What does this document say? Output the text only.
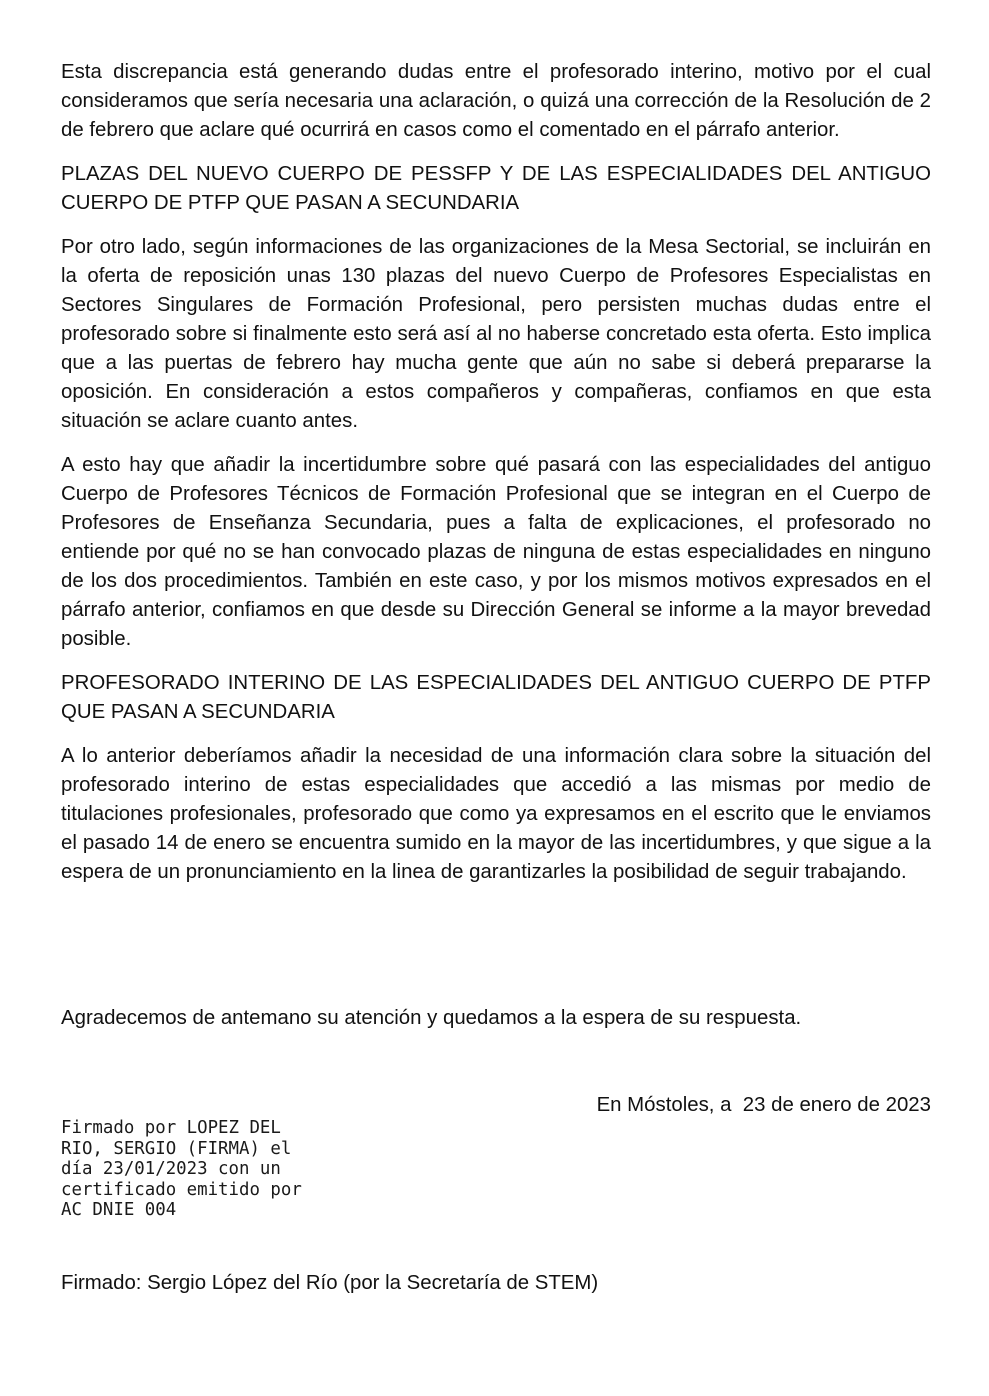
Esta discrepancia está generando dudas entre el profesorado interino, motivo por el cual consideramos que sería necesaria una aclaración, o quizá una corrección de la Resolución de 2 de febrero que aclare qué ocurrirá en casos como el comentado en el párrafo anterior.

PLAZAS DEL NUEVO CUERPO DE PESSFP Y DE LAS ESPECIALIDADES DEL ANTIGUO CUERPO DE PTFP QUE PASAN A SECUNDARIA

Por otro lado, según informaciones de las organizaciones de la Mesa Sectorial, se incluirán en la oferta de reposición unas 130 plazas del nuevo Cuerpo de Profesores Especialistas en Sectores Singulares de Formación Profesional, pero persisten muchas dudas entre el profesorado sobre si finalmente esto será así al no haberse concretado esta oferta. Esto implica que a las puertas de febrero hay mucha gente que aún no sabe si deberá prepararse la oposición. En consideración a estos compañeros y compañeras, confiamos en que esta situación se aclare cuanto antes.

A esto hay que añadir la incertidumbre sobre qué pasará con las especialidades del antiguo Cuerpo de Profesores Técnicos de Formación Profesional que se integran en el Cuerpo de Profesores de Enseñanza Secundaria, pues a falta de explicaciones, el profesorado no entiende por qué no se han convocado plazas de ninguna de estas especialidades en ninguno de los dos procedimientos. También en este caso, y por los mismos motivos expresados en el párrafo anterior, confiamos en que desde su Dirección General se informe a la mayor brevedad posible.

PROFESORADO INTERINO DE LAS ESPECIALIDADES DEL ANTIGUO CUERPO DE PTFP QUE PASAN A SECUNDARIA

A lo anterior deberíamos añadir la necesidad de una información clara sobre la situación del profesorado interino de estas especialidades que accedió a las mismas por medio de titulaciones profesionales, profesorado que como ya expresamos en el escrito que le enviamos el pasado 14 de enero se encuentra sumido en la mayor de las incertidumbres, y que sigue a la espera de un pronunciamiento en la linea de garantizarles la posibilidad de seguir trabajando.

Agradecemos de antemano su atención y quedamos a la espera de su respuesta.

En Móstoles, a  23 de enero de 2023

Firmado por LOPEZ DEL
RIO, SERGIO (FIRMA) el
día 23/01/2023 con un
certificado emitido por
AC DNIE 004

Firmado: Sergio López del Río (por la Secretaría de STEM)
